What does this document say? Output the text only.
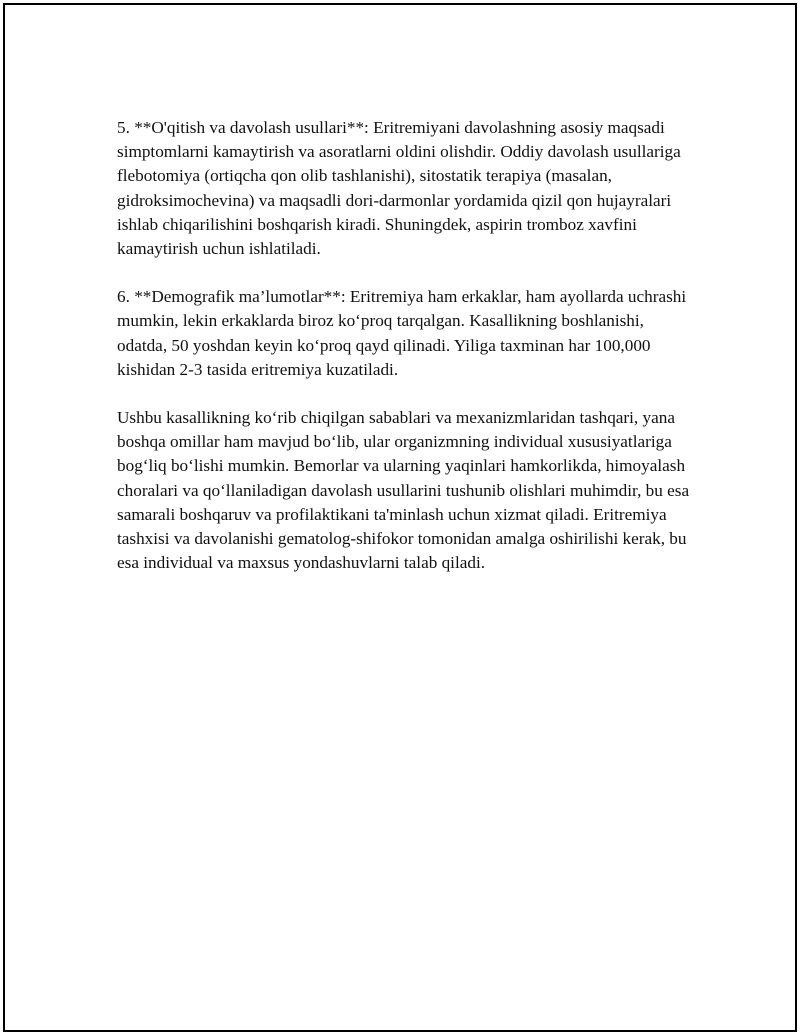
5. **O'qitish va davolash usullari**: Eritremiyani davolashning asosiy maqsadi simptomlarni kamaytirish va asoratlarni oldini olishdir. Oddiy davolash usullariga flebotomiya (ortiqcha qon olib tashlanishi), sitostatik terapiya (masalan, gidroksimochevina) va maqsadli dori-darmonlar yordamida qizil qon hujayralari ishlab chiqarilishini boshqarish kiradi. Shuningdek, aspirin tromboz xavfini kamaytirish uchun ishlatiladi.

6. **Demografik ma’lumotlar**: Eritremiya ham erkaklar, ham ayollarda uchrashi mumkin, lekin erkaklarda biroz ko‘proq tarqalgan. Kasallikning boshlanishi, odatda, 50 yoshdan keyin ko‘proq qayd qilinadi. Yiliga taxminan har 100,000 kishidan 2-3 tasida eritremiya kuzatiladi.

Ushbu kasallikning ko‘rib chiqilgan sabablari va mexanizmlaridan tashqari, yana boshqa omillar ham mavjud bo‘lib, ular organizmning individual xususiyatlariga bog‘liq bo‘lishi mumkin. Bemorlar va ularning yaqinlari hamkorlikda, himoyalash choralari va qo‘llaniladigan davolash usullarini tushunib olishlari muhimdir, bu esa samarali boshqaruv va profilaktikani ta'minlash uchun xizmat qiladi. Eritremiya tashxisi va davolanishi gematolog-shifokor tomonidan amalga oshirilishi kerak, bu esa individual va maxsus yondashuvlarni talab qiladi.
